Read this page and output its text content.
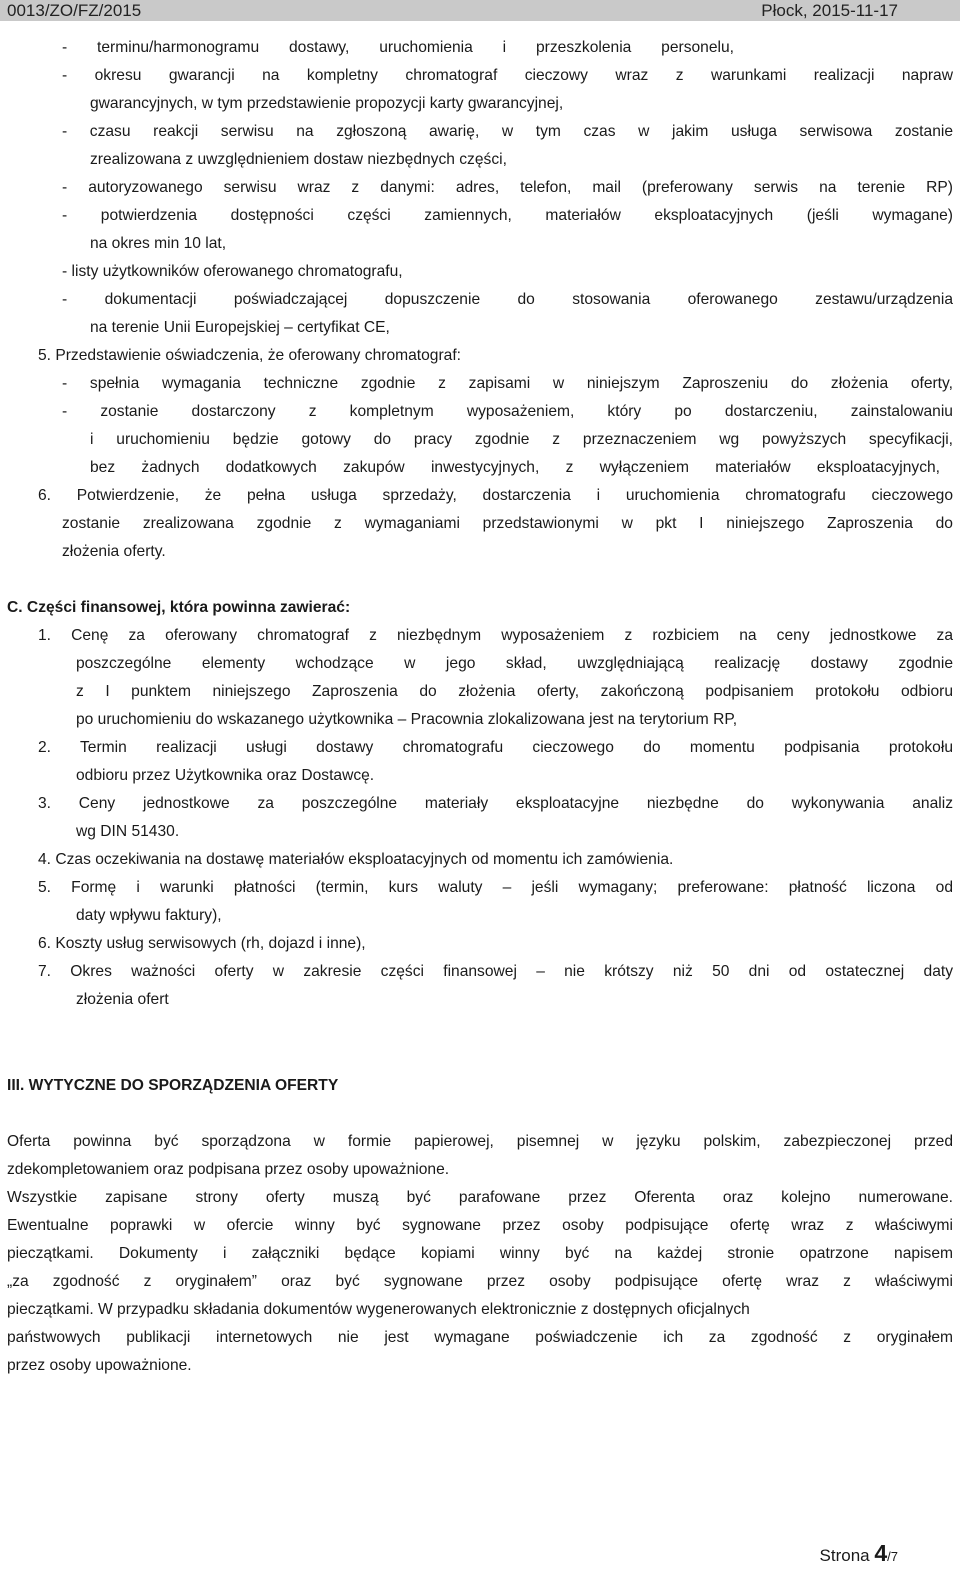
0013/ZO/FZ/2015	Płock, 2015-11-17
- terminu/harmonogramu dostawy, uruchomienia i przeszkolenia personelu,
- okresu gwarancji na kompletny chromatograf cieczowy wraz z warunkami realizacji napraw
gwarancyjnych, w tym przedstawienie propozycji karty gwarancyjnej,
- czasu reakcji serwisu na zgłoszoną awarię, w tym czas w jakim usługa serwisowa zostanie
zrealizowana z uwzględnieniem dostaw niezbędnych części,
- autoryzowanego serwisu wraz z danymi: adres, telefon, mail (preferowany serwis na terenie RP)
- potwierdzenia dostępności części zamiennych, materiałów eksploatacyjnych (jeśli wymagane)
na okres min 10 lat,
- listy użytkowników oferowanego chromatografu,
- dokumentacji poświadczającej dopuszczenie do stosowania oferowanego zestawu/urządzenia
na terenie Unii Europejskiej – certyfikat CE,
5. Przedstawienie oświadczenia, że oferowany chromatograf:
- spełnia wymagania techniczne zgodnie z zapisami w niniejszym Zaproszeniu do złożenia oferty,
- zostanie dostarczony z kompletnym wyposażeniem, który po dostarczeniu, zainstalowaniu
i uruchomieniu będzie gotowy do pracy zgodnie z przeznaczeniem wg powyższych specyfikacji,
bez żadnych dodatkowych zakupów inwestycyjnych, z wyłączeniem materiałów eksploatacyjnych,
6. Potwierdzenie, że pełna usługa sprzedaży, dostarczenia i uruchomienia chromatografu cieczowego
zostanie zrealizowana zgodnie z wymaganiami przedstawionymi w pkt I niniejszego Zaproszenia do
złożenia oferty.
C. Części finansowej, która powinna zawierać:
1. Cenę za oferowany chromatograf z niezbędnym wyposażeniem z rozbiciem na ceny jednostkowe za
poszczególne elementy wchodzące w jego skład, uwzględniającą realizację dostawy zgodnie
z I punktem niniejszego Zaproszenia do złożenia oferty, zakończoną podpisaniem protokołu odbioru
po uruchomieniu do wskazanego użytkownika – Pracownia zlokalizowana jest na terytorium RP,
2. Termin realizacji usługi dostawy chromatografu cieczowego do momentu podpisania protokołu
odbioru przez Użytkownika oraz Dostawcę.
3. Ceny jednostkowe za poszczególne materiały eksploatacyjne niezbędne do wykonywania analiz
wg DIN 51430.
4. Czas oczekiwania na dostawę materiałów eksploatacyjnych od momentu ich zamówienia.
5. Formę i warunki płatności (termin, kurs waluty – jeśli wymagany; preferowane: płatność liczona od
daty wpływu faktury),
6. Koszty usług serwisowych (rh, dojazd i inne),
7. Okres ważności oferty w zakresie części finansowej – nie krótszy niż 50 dni od ostatecznej daty
złożenia ofert
III. WYTYCZNE DO SPORZĄDZENIA OFERTY
Oferta powinna być sporządzona w formie papierowej, pisemnej w języku polskim, zabezpieczonej przed
zdekompletowaniem oraz podpisana przez osoby upoważnione.
Wszystkie zapisane strony oferty muszą być parafowane przez Oferenta oraz kolejno numerowane.
Ewentualne poprawki w ofercie winny być sygnowane przez osoby podpisujące ofertę wraz z właściwymi
pieczątkami. Dokumenty i załączniki będące kopiami winny być na każdej stronie opatrzone napisem
„za zgodność z oryginałem” oraz być sygnowane przez osoby podpisujące ofertę wraz z właściwymi
pieczątkami. W przypadku składania dokumentów wygenerowanych elektronicznie z dostępnych oficjalnych
państwowych publikacji internetowych nie jest wymagane poświadczenie ich za zgodność z oryginałem
przez osoby upoważnione.
Strona 4/7
